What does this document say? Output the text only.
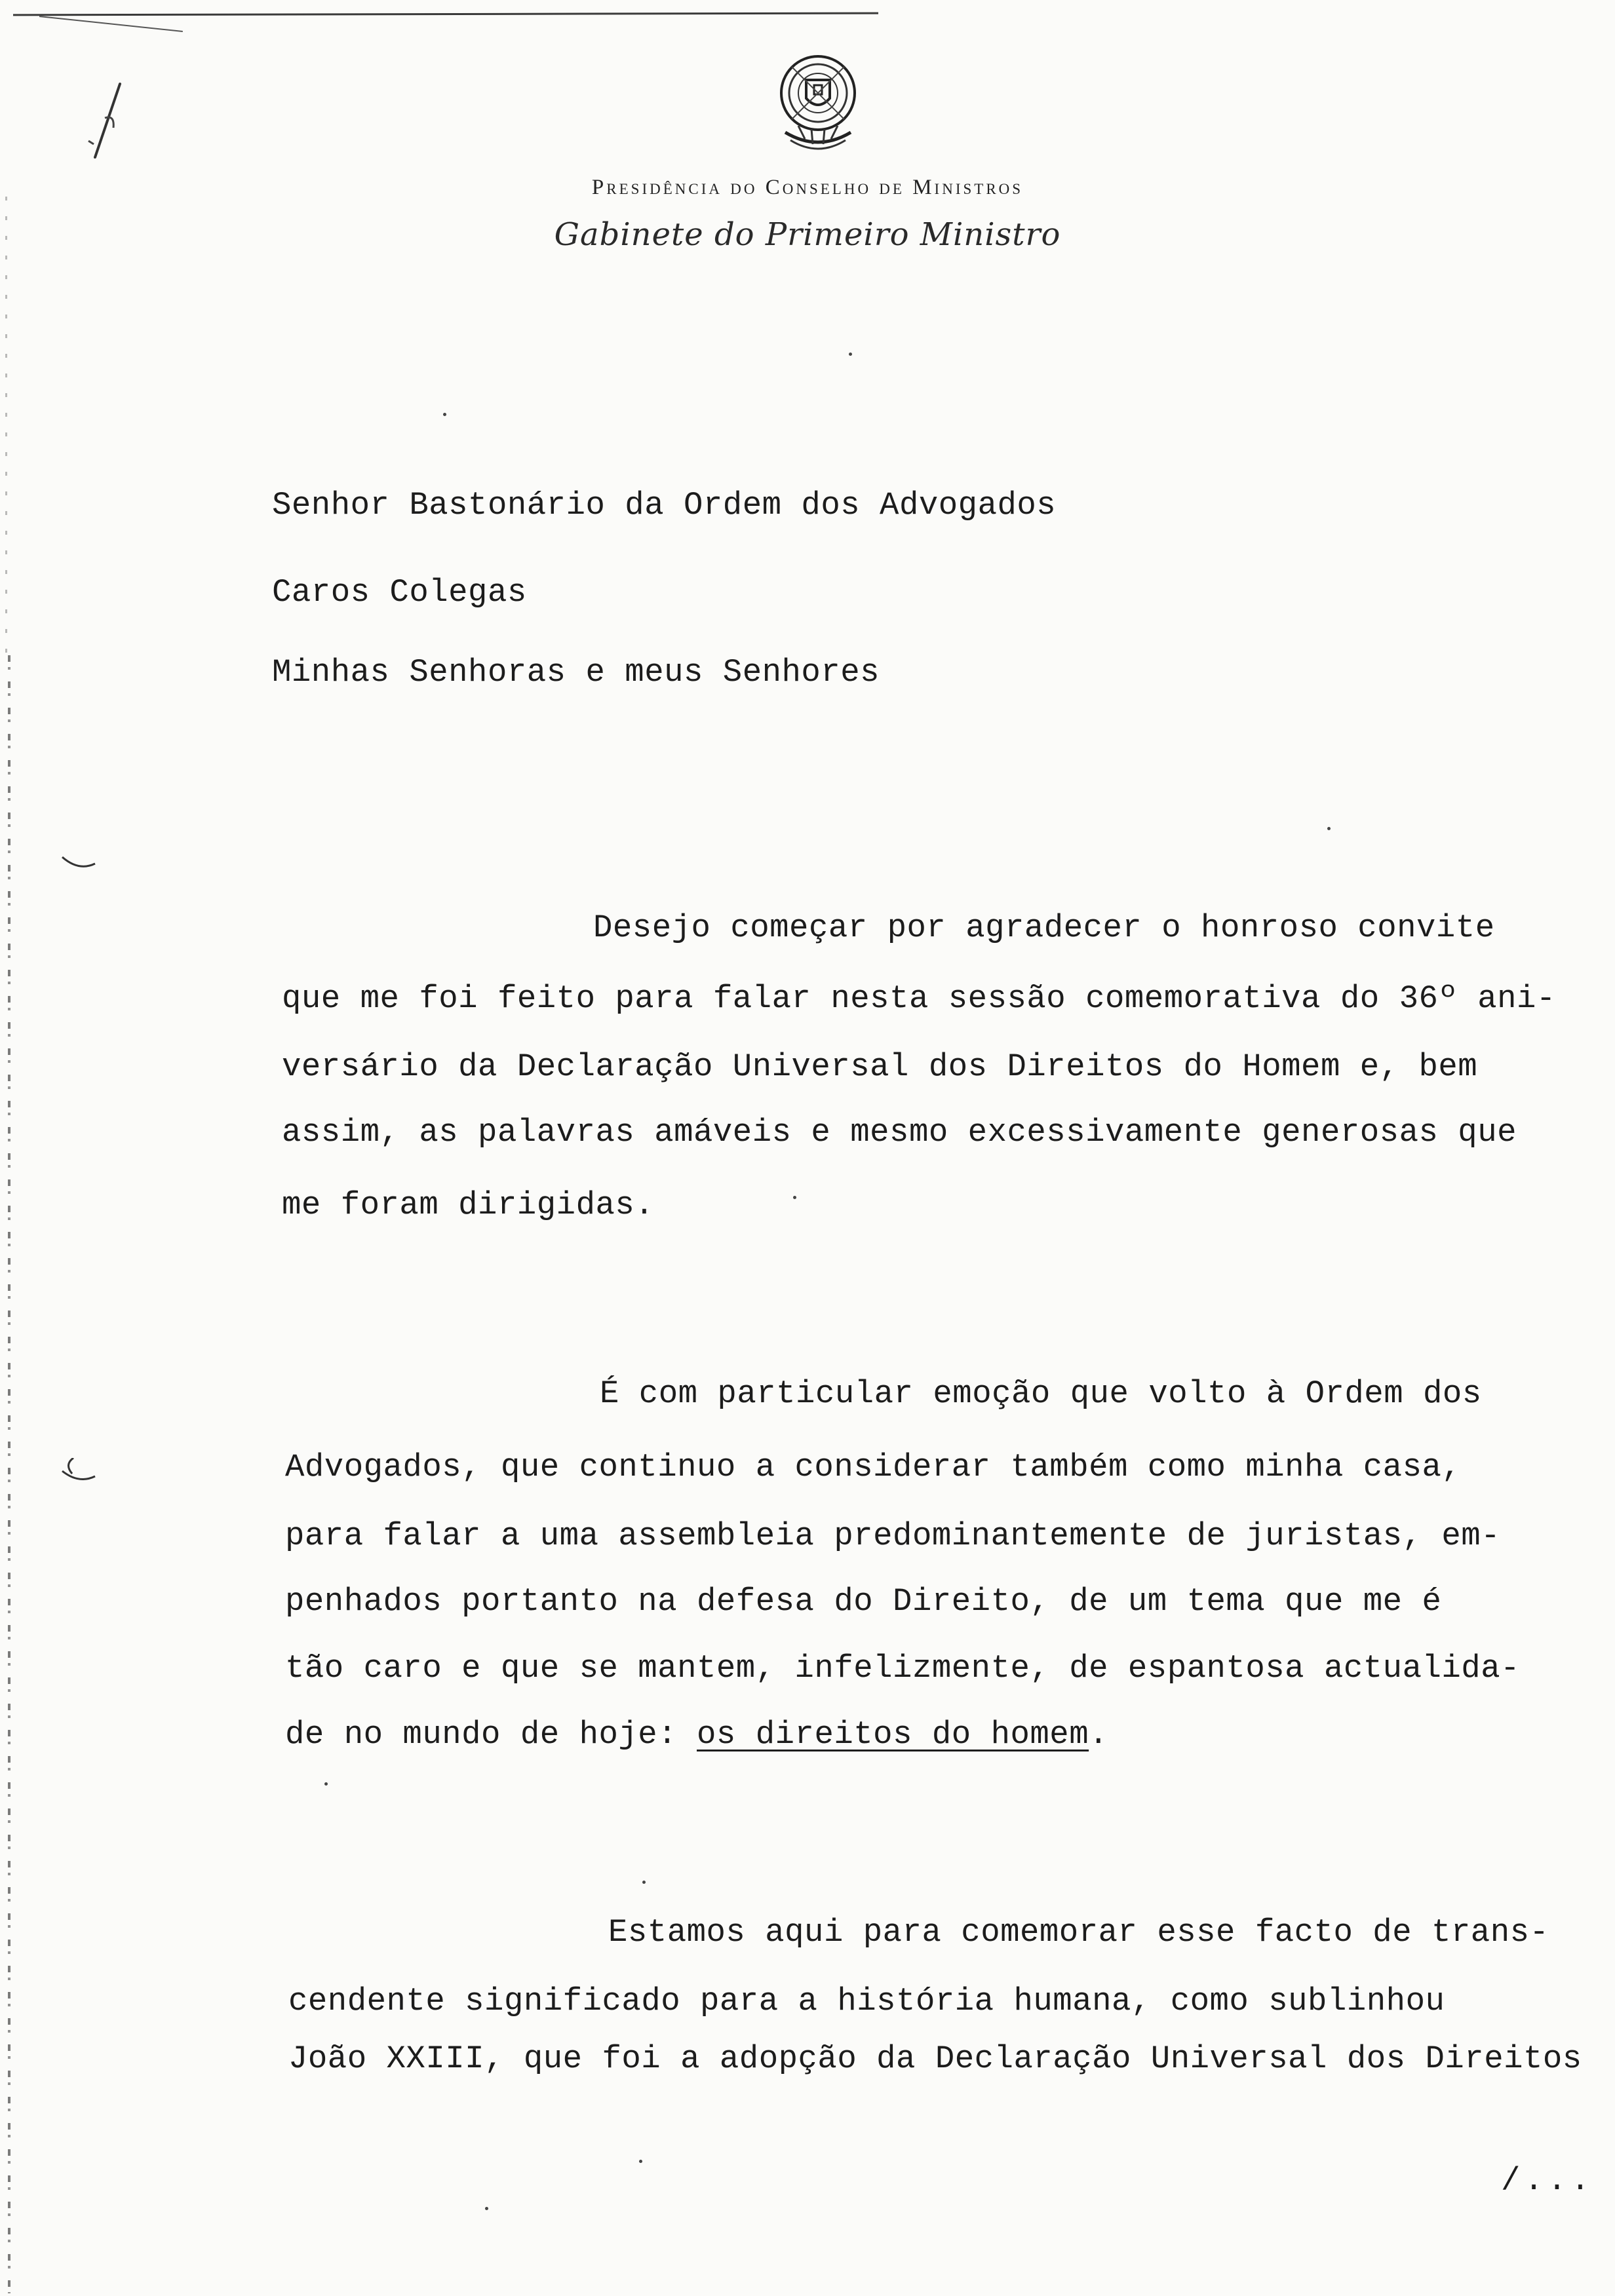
Presidência do Conselho de Ministros
Gabinete do Primeiro Ministro
Senhor Bastonário da Ordem dos Advogados
Caros Colegas
Minhas Senhoras e meus Senhores
Desejo começar por agradecer o honroso convite
que me foi feito para falar nesta sessão comemorativa do 36º ani-
versário da Declaração Universal dos Direitos do Homem e, bem
assim, as palavras amáveis e mesmo excessivamente generosas que
me foram dirigidas.
É com particular emoção que volto à Ordem dos
Advogados, que continuo a considerar também como minha casa,
para falar a uma assembleia predominantemente de juristas, em-
penhados portanto na defesa do Direito, de um tema que me é
tão caro e que se mantem, infelizmente, de espantosa actualida-
de no mundo de hoje: os direitos do homem.
Estamos aqui para comemorar esse facto de trans-
cendente significado para a história humana, como sublinhou
João XXIII, que foi a adopção da Declaração Universal dos Direitos
/...
